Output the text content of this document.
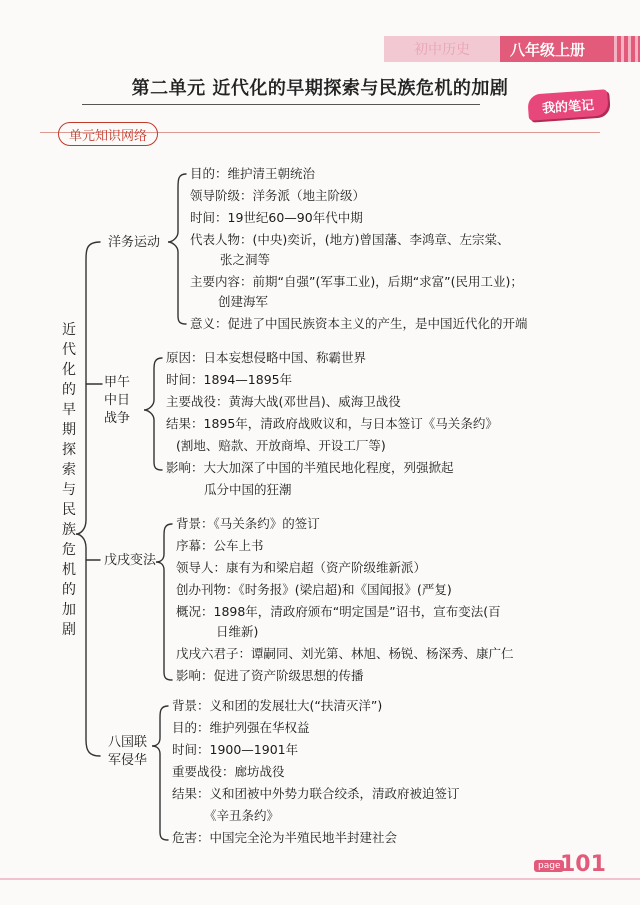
初中历史	八年级上册
第二单元 近代化的早期探索与民族危机的加剧
我的笔记
单元知识网络
近代化的早期探索与民族危机的加剧
洋务运动
甲午中日战争
戊戌变法
八国联军侵华
目的：维护清王朝统治
领导阶级：洋务派（地主阶级）
时间：19世纪60—90年代中期
代表人物：(中央)奕䜣，(地方)曾国藩、李鸿章、左宗棠、
张之洞等
主要内容：前期“自强”(军事工业)，后期“求富”(民用工业)；
创建海军
意义：促进了中国民族资本主义的产生，是中国近代化的开端
原因：日本妄想侵略中国、称霸世界
时间：1894—1895年
主要战役：黄海大战(邓世昌)、威海卫战役
结果：1895年，清政府战败议和，与日本签订《马关条约》
(割地、赔款、开放商埠、开设工厂等)
影响：大大加深了中国的半殖民地化程度，列强掀起
瓜分中国的狂潮
背景：《马关条约》的签订
序幕：公车上书
领导人：康有为和梁启超（资产阶级维新派）
创办刊物：《时务报》(梁启超)和《国闻报》(严复)
概况：1898年，清政府颁布“明定国是”诏书，宣布变法(百
日维新)
戊戌六君子：谭嗣同、刘光第、林旭、杨锐、杨深秀、康广仁
影响：促进了资产阶级思想的传播
背景：义和团的发展壮大(“扶清灭洋”)
目的：维护列强在华权益
时间：1900—1901年
重要战役：廊坊战役
结果：义和团被中外势力联合绞杀，清政府被迫签订
《辛丑条约》
危害：中国完全沦为半殖民地半封建社会
page 101
